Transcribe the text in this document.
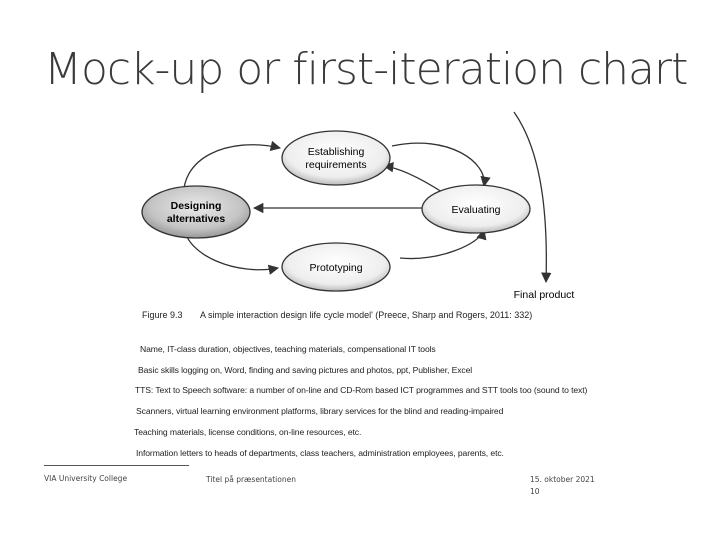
Mock-up or first-iteration chart
Establishing
requirements
Designing
alternatives
Evaluating
Prototyping
Final product
Figure 9.3 A simple interaction design life cycle model' (Preece, Sharp and Rogers, 2011: 332)
Name, IT-class duration, objectives, teaching materials, compensational IT tools
Basic skills logging on, Word, finding and saving pictures and photos, ppt, Publisher, Excel
TTS: Text to Speech software: a number of on-line and CD-Rom based ICT programmes and STT tools too (sound to text)
Scanners, virtual learning environment platforms, library services for the blind and reading-impaired
Teaching materials, license conditions, on-line resources, etc.
Information letters to heads of departments, class teachers, administration employees, parents, etc.
VIA University College	Titel på præsentationen	15. oktober 2021
10
